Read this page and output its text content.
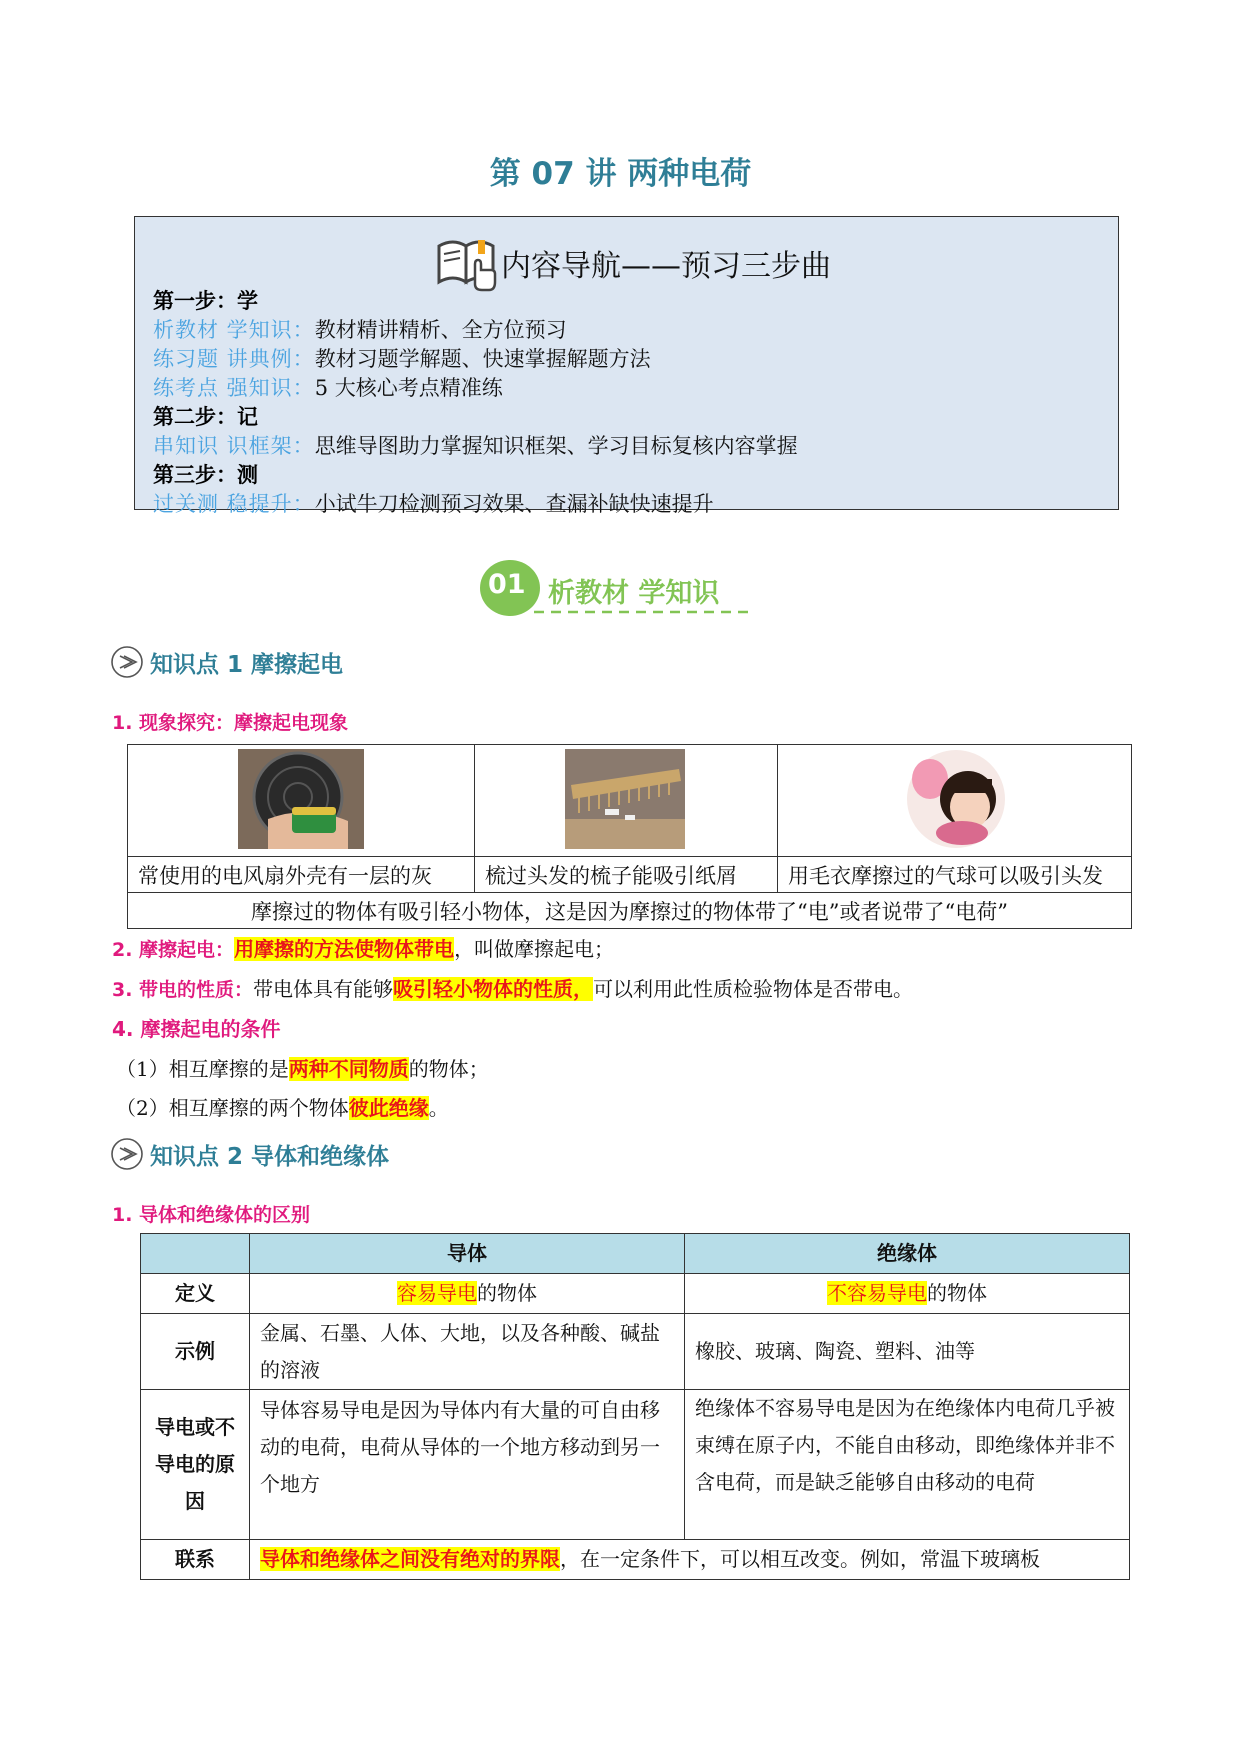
第 07 讲 两种电荷
内容导航——预习三步曲
第一步：学
析教材 学知识：教材精讲精析、全方位预习
练习题 讲典例：教材习题学解题、快速掌握解题方法
练考点 强知识：5 大核心考点精准练
第二步：记
串知识 识框架：思维导图助力掌握知识框架、学习目标复核内容掌握
第三步：测
过关测 稳提升：小试牛刀检测预习效果、查漏补缺快速提升
01 析教材 学知识
知识点 1 摩擦起电
1. 现象探究：摩擦起电现象

常使用的电风扇外壳有一层的灰	梳过头发的梳子能吸引纸屑	用毛衣摩擦过的气球可以吸引头发
摩擦过的物体有吸引轻小物体，这是因为摩擦过的物体带了“电”或者说带了“电荷”		
2. 摩擦起电：用摩擦的方法使物体带电，叫做摩擦起电；
3. 带电的性质：带电体具有能够吸引轻小物体的性质，可以利用此性质检验物体是否带电。
4. 摩擦起电的条件
（1）相互摩擦的是两种不同物质的物体；
（2）相互摩擦的两个物体彼此绝缘。
知识点 2 导体和绝缘体
1. 导体和绝缘体的区别
	导体	绝缘体
定义	容易导电的物体	不容易导电的物体
示例	金属、石墨、人体、大地，以及各种酸、碱盐的溶液	橡胶、玻璃、陶瓷、塑料、油等
导电或不导电的原因	导体容易导电是因为导体内有大量的可自由移动的电荷，电荷从导体的一个地方移动到另一个地方	绝缘体不容易导电是因为在绝缘体内电荷几乎被束缚在原子内，不能自由移动，即绝缘体并非不含电荷，而是缺乏能够自由移动的电荷
联系	导体和绝缘体之间没有绝对的界限，在一定条件下，可以相互改变。例如，常温下玻璃板	
